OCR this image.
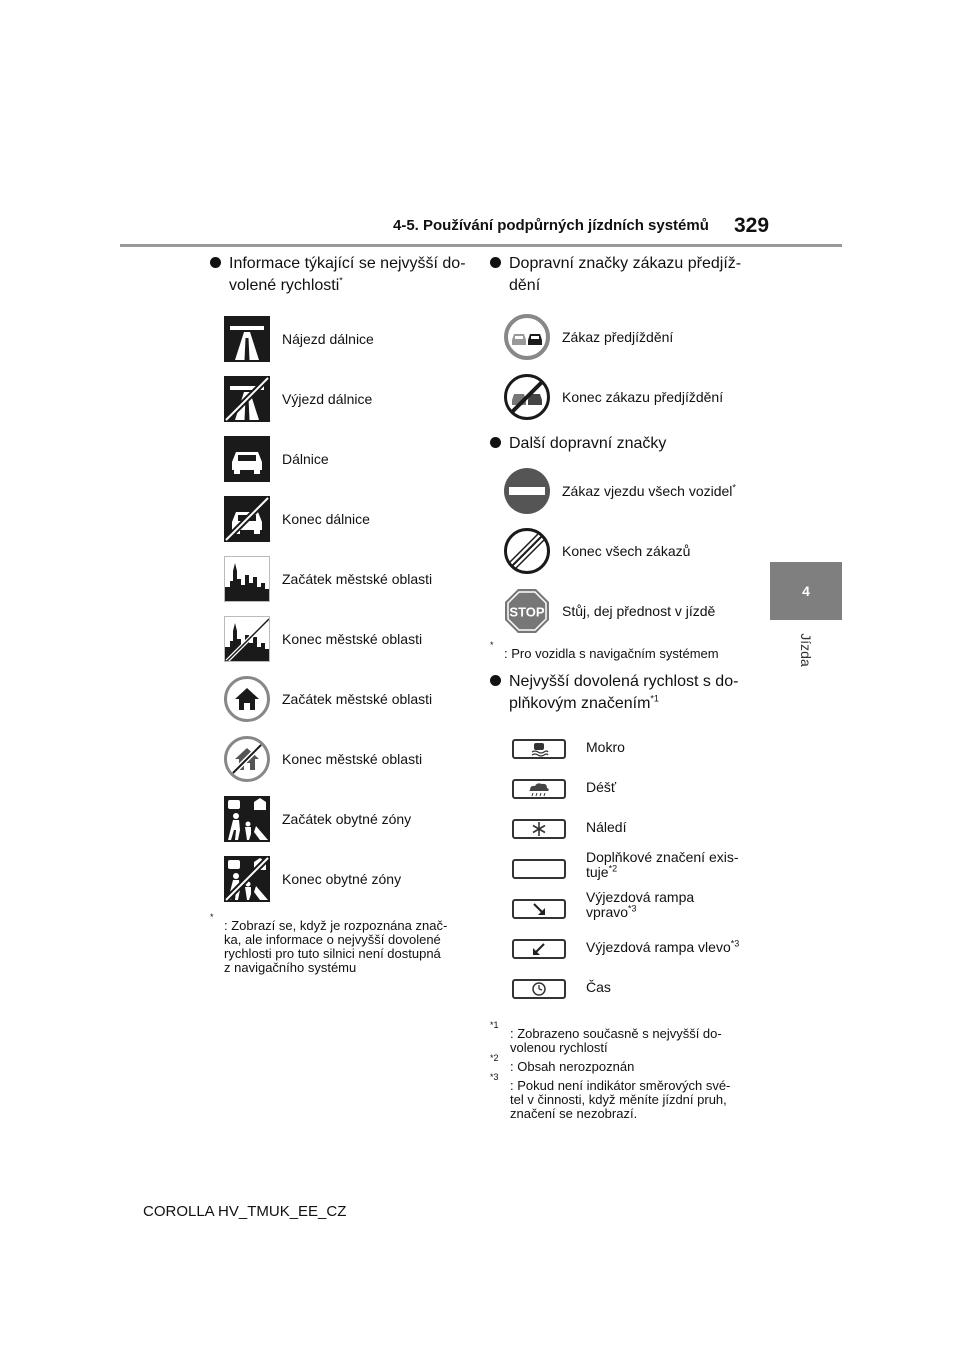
4-5. Používání podpůrných jízdních systémů 329
4
Jízda
Informace týkající se nejvyšší do-
volené rychlosti*
Nájezd dálnice
Výjezd dálnice
Dálnice
Konec dálnice
Začátek městské oblasti
Konec městské oblasti
Začátek městské oblasti
Konec městské oblasti
Začátek obytné zóny
Konec obytné zóny
*
: Zobrazí se, když je rozpoznána znač-
ka, ale informace o nejvyšší dovolené
rychlosti pro tuto silnici není dostupná
z navigačního systému
Dopravní značky zákazu předjíž-
dění
Zákaz předjíždění
Konec zákazu předjíždění
Další dopravní značky
Zákaz vjezdu všech vozidel*
Konec všech zákazů
STOP Stůj, dej přednost v jízdě
*
: Pro vozidla s navigačním systémem
Nejvyšší dovolená rychlost s do-
plňkovým značením$^{*1}$
Mokro
Déšť
Náledí
Doplňkové značení exis-
tuje$^{*2}$
Výjezdová rampa
vpravo$^{*3}$
Výjezdová rampa vlevo$^{*3}$
Čas
*1
: Zobrazeno současně s nejvyšší do-
volenou rychlostí
*2
: Obsah nerozpoznán
*3
: Pokud není indikátor směrových své-
tel v činnosti, když měníte jízdní pruh,
značení se nezobrazí.
COROLLA HV_TMUK_EE_CZ
